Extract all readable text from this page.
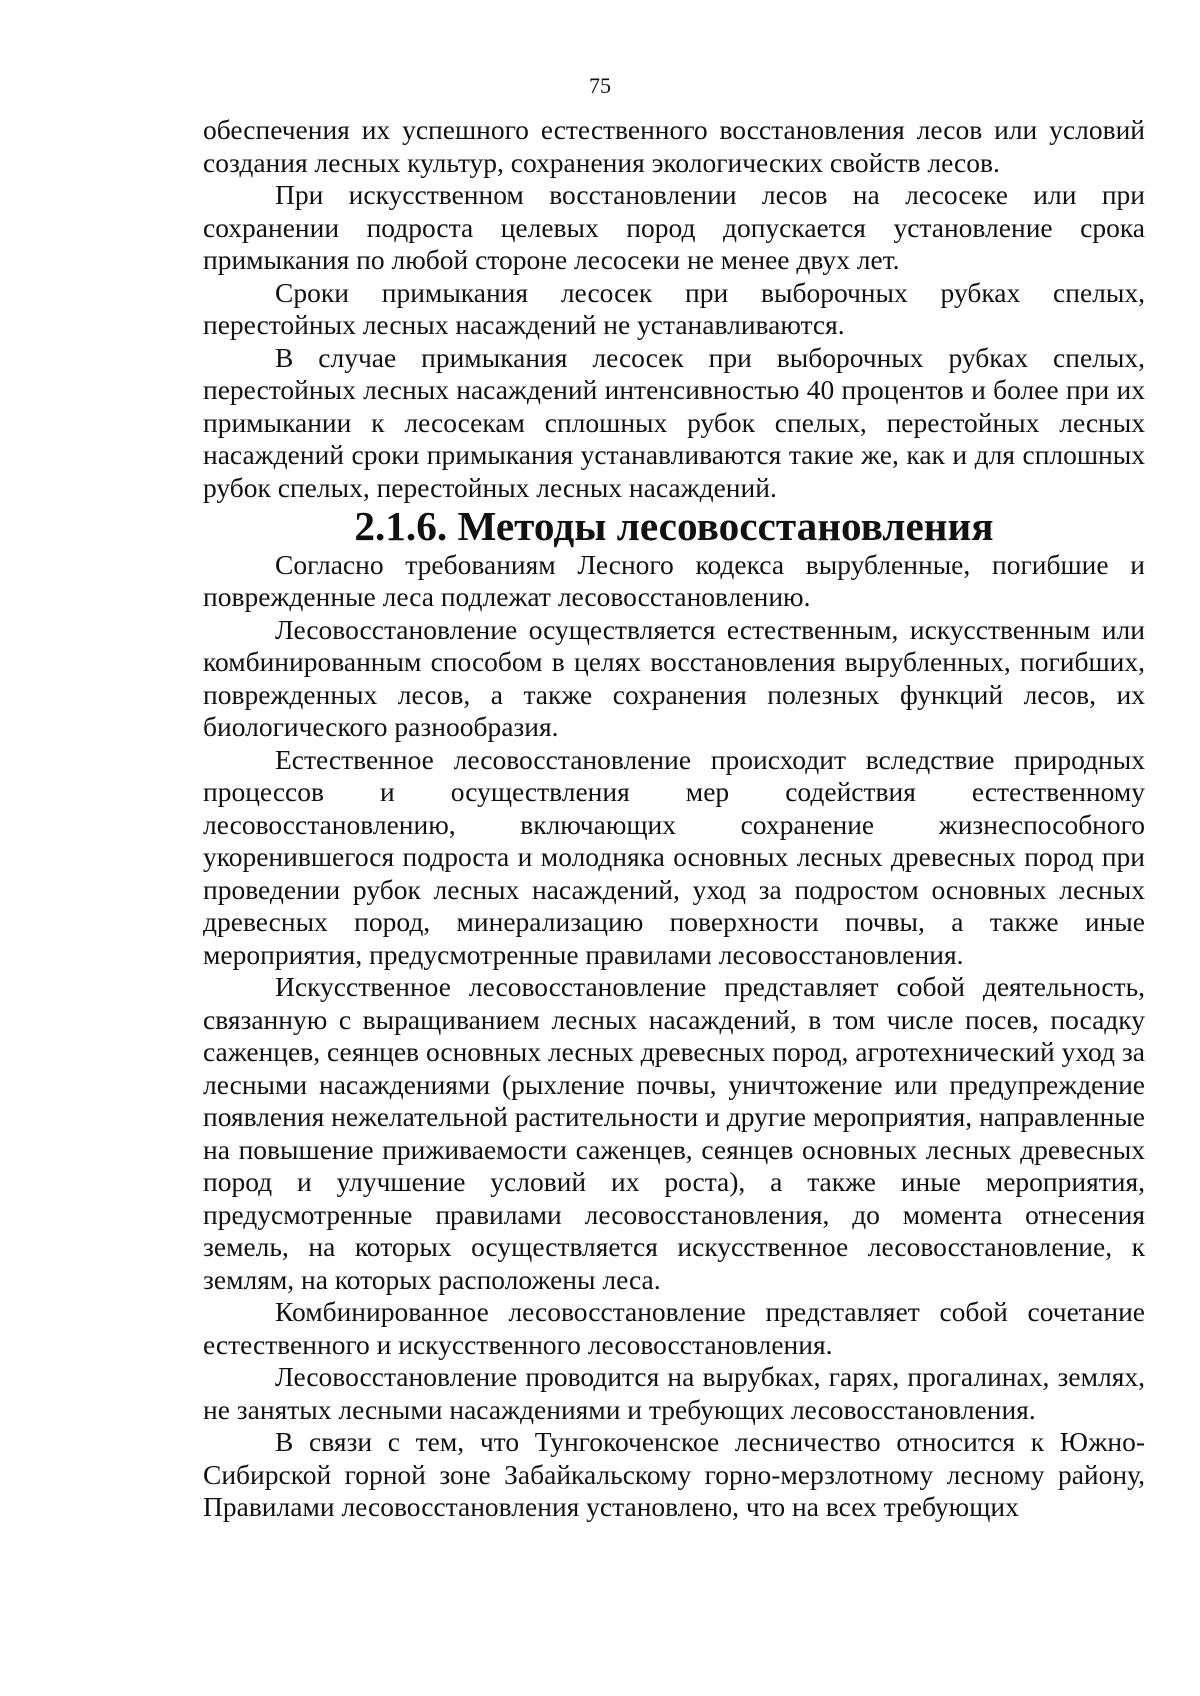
75

обеспечения их успешного естественного восстановления лесов или условий создания лесных культур, сохранения экологических свойств лесов.

При искусственном восстановлении лесов на лесосеке или при сохранении подроста целевых пород допускается установление срока примыкания по любой стороне лесосеки не менее двух лет.

Сроки примыкания лесосек при выборочных рубках спелых, перестойных лесных насаждений не устанавливаются.

В случае примыкания лесосек при выборочных рубках спелых, перестойных лесных насаждений интенсивностью 40 процентов и более при их примыкании к лесосекам сплошных рубок спелых, перестойных лесных насаждений сроки примыкания устанавливаются такие же, как и для сплошных рубок спелых, перестойных лесных насаждений.

2.1.6. Методы лесовосстановления

Согласно требованиям Лесного кодекса вырубленные, погибшие и поврежденные леса подлежат лесовосстановлению.

Лесовосстановление осуществляется естественным, искусственным или комбинированным способом в целях восстановления вырубленных, погибших, поврежденных лесов, а также сохранения полезных функций лесов, их биологического разнообразия.

Естественное лесовосстановление происходит вследствие природных процессов и осуществления мер содействия естественному лесовосстановлению, включающих сохранение жизнеспособного укоренившегося подроста и молодняка основных лесных древесных пород при проведении рубок лесных насаждений, уход за подростом основных лесных древесных пород, минерализацию поверхности почвы, а также иные мероприятия, предусмотренные правилами лесовосстановления.

Искусственное лесовосстановление представляет собой деятельность, связанную с выращиванием лесных насаждений, в том числе посев, посадку саженцев, сеянцев основных лесных древесных пород, агротехнический уход за лесными насаждениями (рыхление почвы, уничтожение или предупреждение появления нежелательной растительности и другие мероприятия, направленные на повышение приживаемости саженцев, сеянцев основных лесных древесных пород и улучшение условий их роста), а также иные мероприятия, предусмотренные правилами лесовосстановления, до момента отнесения земель, на которых осуществляется искусственное лесовосстановление, к землям, на которых расположены леса.

Комбинированное лесовосстановление представляет собой сочетание естественного и искусственного лесовосстановления.

Лесовосстановление проводится на вырубках, гарях, прогалинах, землях, не занятых лесными насаждениями и требующих лесовосстановления.

В связи с тем, что Тунгокоченское лесничество относится к Южно-Сибирской горной зоне Забайкальскому горно-мерзлотному лесному району, Правилами лесовосстановления установлено, что на всех требующих
